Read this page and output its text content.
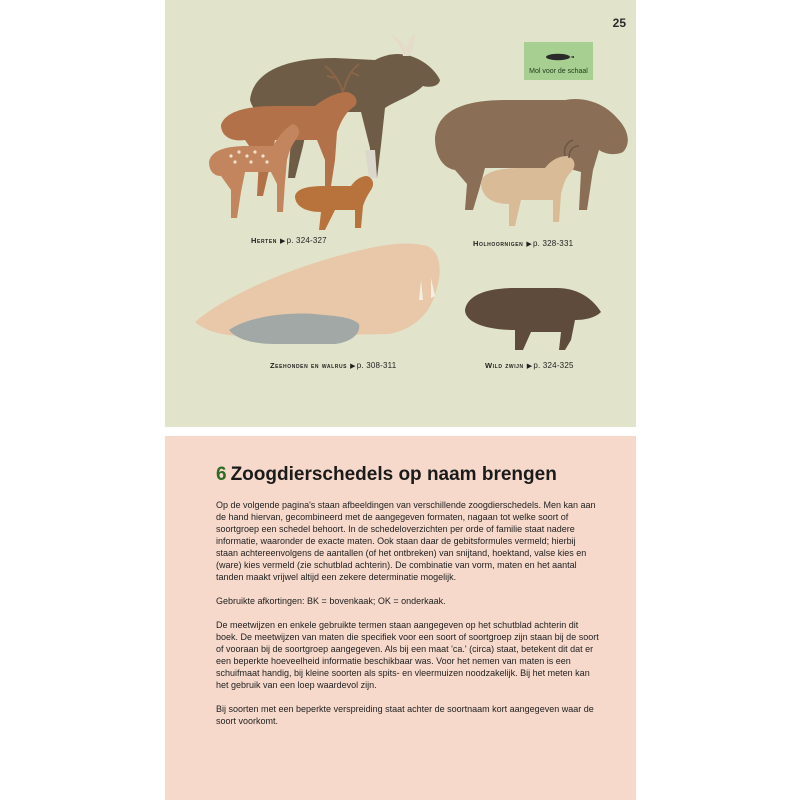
25
Mol voor de schaal
Herten ▶p. 324-327	Holhoornigen ▶p. 328-331
Zeehonden en walrus ▶p. 308-311	Wild zwijn ▶p. 324-325
6 Zoogdierschedels op naam brengen

Op de volgende pagina's staan afbeeldingen van verschillende zoogdierschedels. Men kan aan de hand hiervan, gecombineerd met de aangegeven formaten, nagaan tot welke soort of soortgroep een schedel behoort. In de schedeloverzichten per orde of familie staat nadere informatie, waaronder de exacte maten. Ook staan daar de gebitsformules vermeld; hierbij staan achtereenvolgens de aantallen (of het ontbreken) van snijtand, hoektand, valse kies en (ware) kies vermeld (zie schutblad achterin). De combinatie van vorm, maten en het aantal tanden maakt vrijwel altijd een zekere determinatie mogelijk.

Gebruikte afkortingen: BK = bovenkaak; OK = onderkaak.

De meetwijzen en enkele gebruikte termen staan aangegeven op het schutblad achterin dit boek. De meetwijzen van maten die specifiek voor een soort of soortgroep zijn staan bij de soort of vooraan bij de soortgroep aangegeven. Als bij een maat 'ca.' (circa) staat, betekent dit dat er een beperkte hoeveelheid informatie beschikbaar was. Voor het nemen van maten is een schuifmaat handig, bij kleine soorten als spits- en vleermuizen noodzakelijk. Bij het meten kan het gebruik van een loep waardevol zijn.

Bij soorten met een beperkte verspreiding staat achter de soortnaam kort aangegeven waar de soort voorkomt.
